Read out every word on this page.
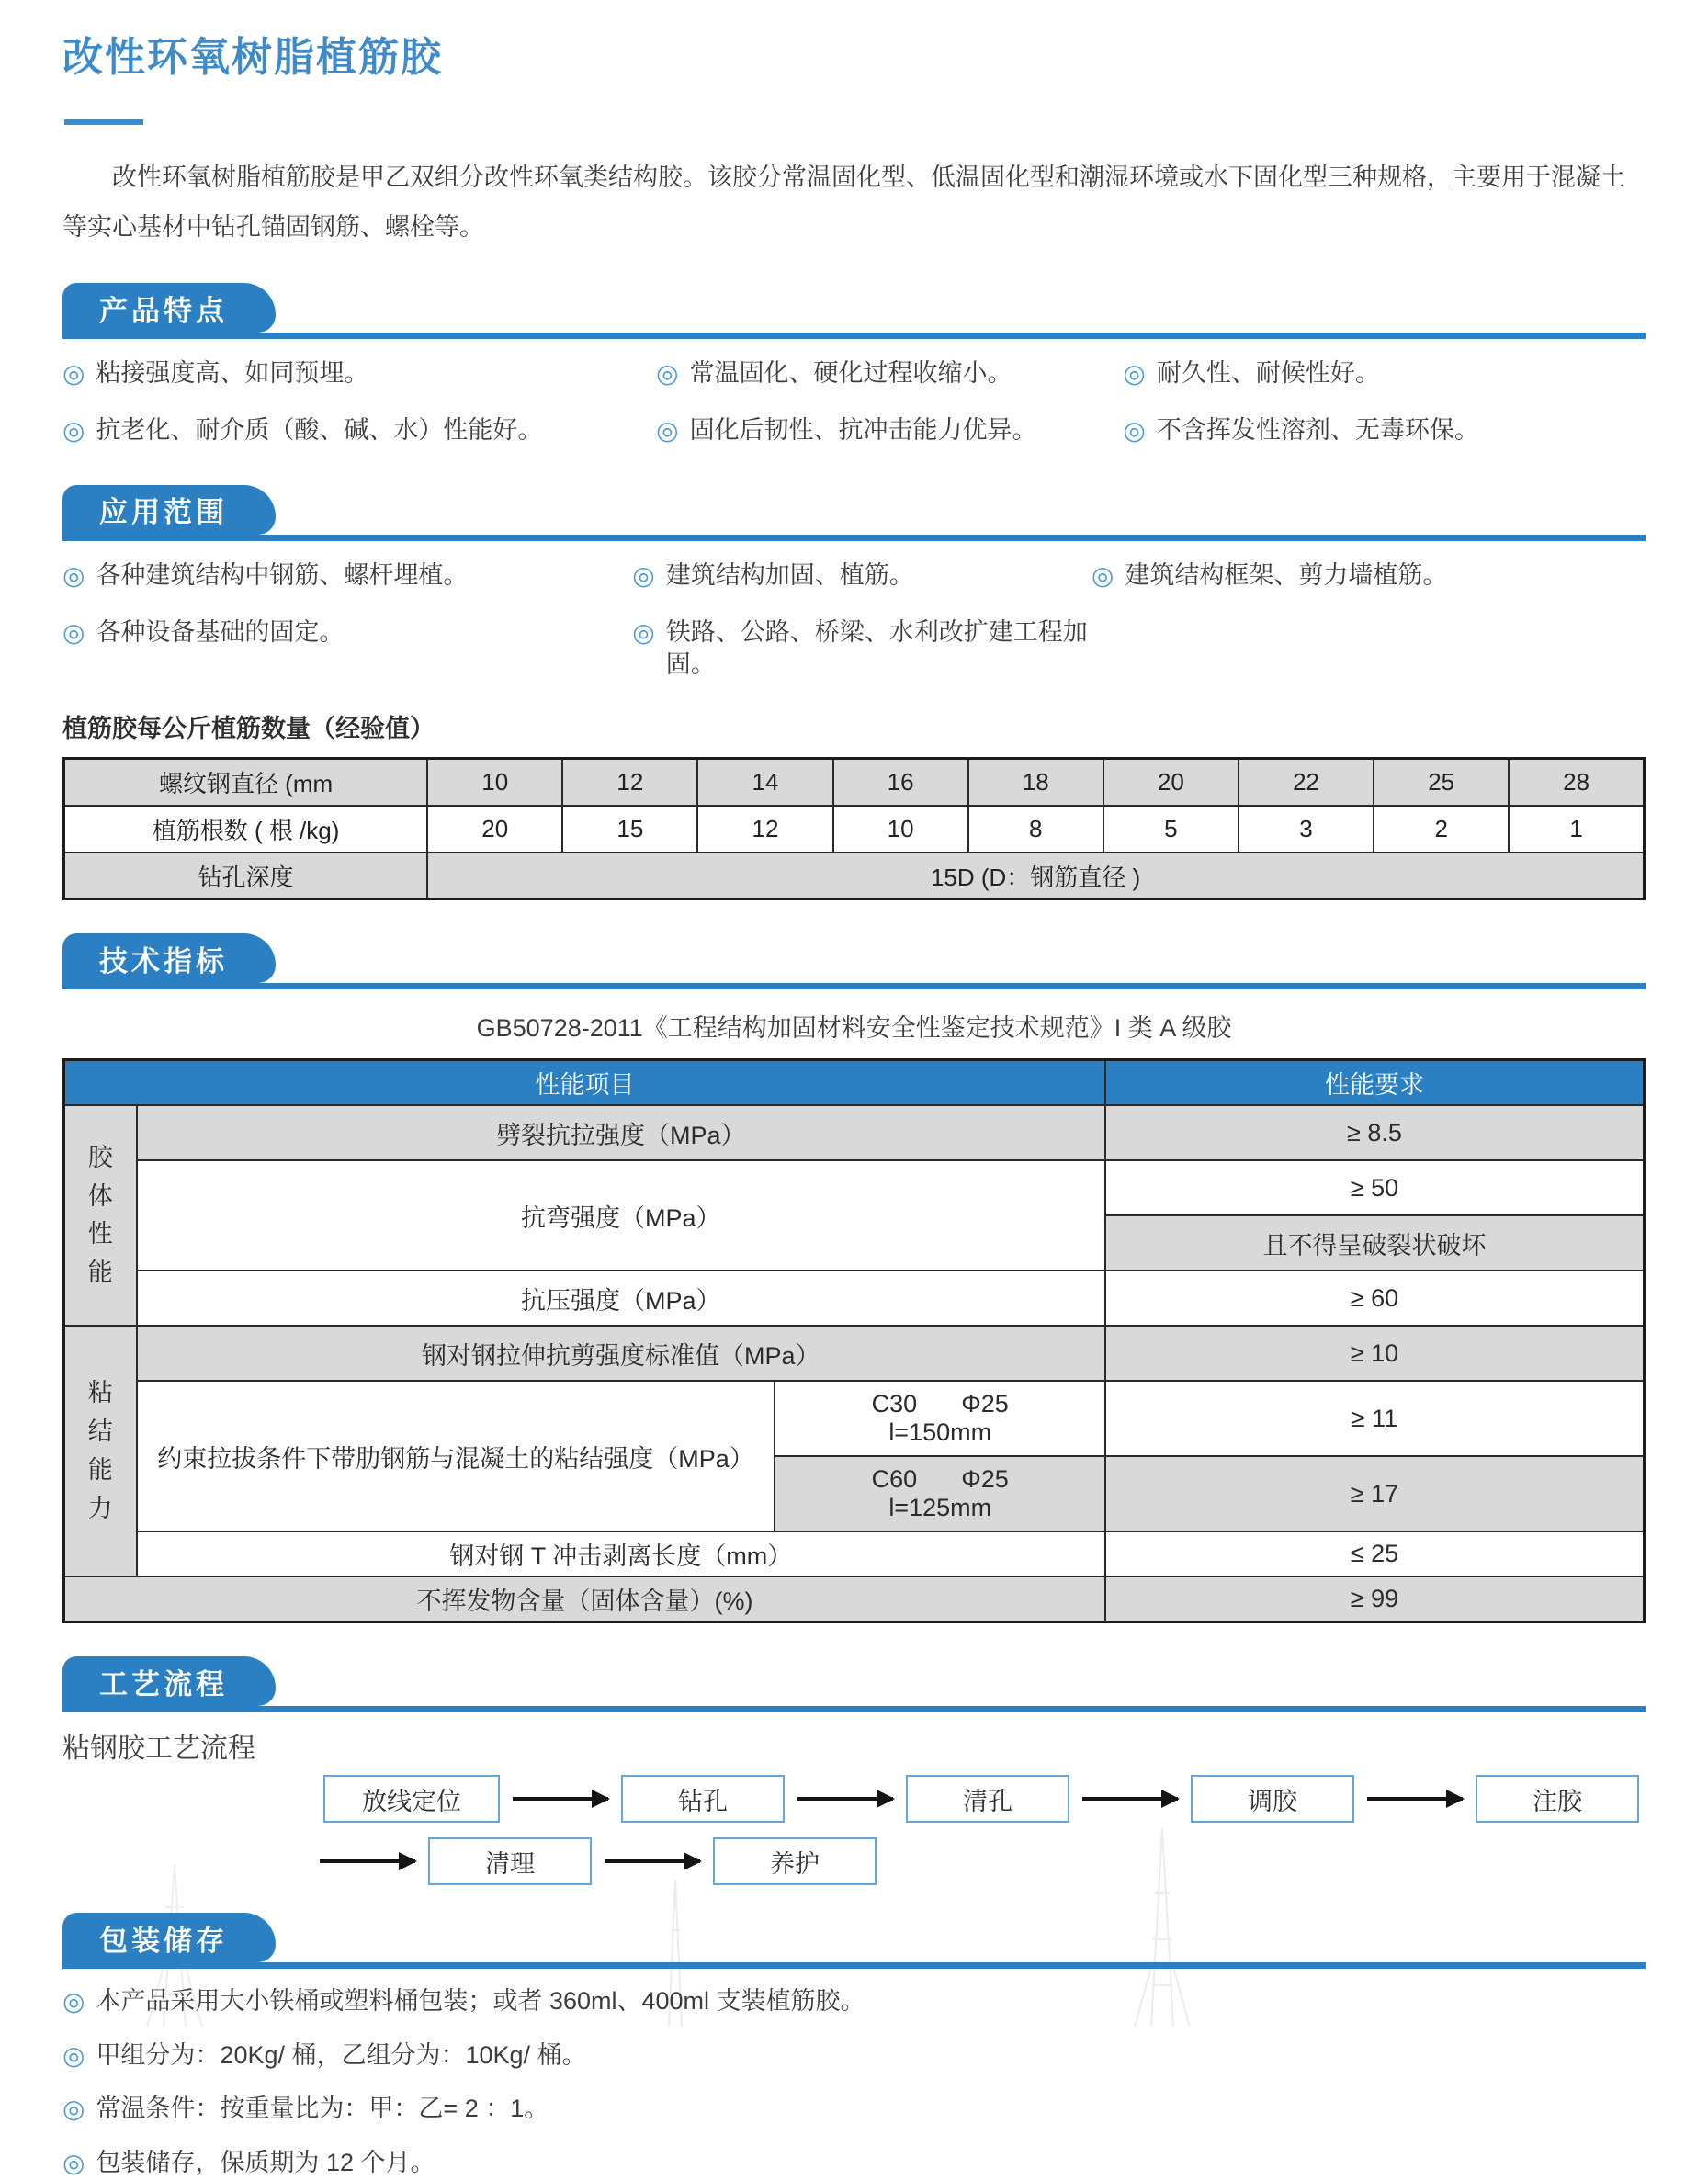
改性环氧树脂植筋胶

改性环氧树脂植筋胶是甲乙双组分改性环氧类结构胶。该胶分常温固化型、低温固化型和潮湿环境或水下固化型三种规格，主要用于混凝土等实心基材中钻孔锚固钢筋、螺栓等。

产品特点
◎ 粘接强度高、如同预埋。	◎ 常温固化、硬化过程收缩小。	◎ 耐久性、耐候性好。
◎ 抗老化、耐介质（酸、碱、水）性能好。	◎ 固化后韧性、抗冲击能力优异。	◎ 不含挥发性溶剂、无毒环保。
应用范围
◎ 各种建筑结构中钢筋、螺杆埋植。	◎ 建筑结构加固、植筋。	◎ 建筑结构框架、剪力墙植筋。
◎ 各种设备基础的固定。	◎ 铁路、公路、桥梁、水利改扩建工程加固。
植筋胶每公斤植筋数量（经验值）
螺纹钢直径 (mm	10	12	14	16	18	20	22	25	28
植筋根数 ( 根 /kg)	20	15	12	10	8	5	3	2	1
钻孔深度	15D (D：钢筋直径 )								
技术指标
GB50728-2011《工程结构加固材料安全性鉴定技术规范》I 类 A 级胶
性能项目			性能要求
胶体性能	劈裂抗拉强度（MPa）		≥ 8.5
	抗弯强度（MPa）		≥ 50
			且不得呈破裂状破坏
	抗压强度（MPa）		≥ 60
粘结能力	钢对钢拉伸抗剪强度标准值（MPa）		≥ 10
	约束拉拔条件下带肋钢筋与混凝土的粘结强度（MPa）	C30 Φ25
l=150mm	≥ 11

		C60 Φ25
l=125mm	≥ 17
	钢对钢 T 冲击剥离长度（mm）		≤ 25
不挥发物含量（固体含量）(%)			≥ 99
工艺流程
粘钢胶工艺流程
放线定位	钻孔	清孔	调胶	注胶
清理	养护
包装储存
◎ 本产品采用大小铁桶或塑料桶包装；或者 360ml、400ml 支装植筋胶。
◎ 甲组分为：20Kg/ 桶，乙组分为：10Kg/ 桶。
◎ 常温条件：按重量比为：甲：乙= 2 ：1。
◎ 包装储存，保质期为 12 个月。
